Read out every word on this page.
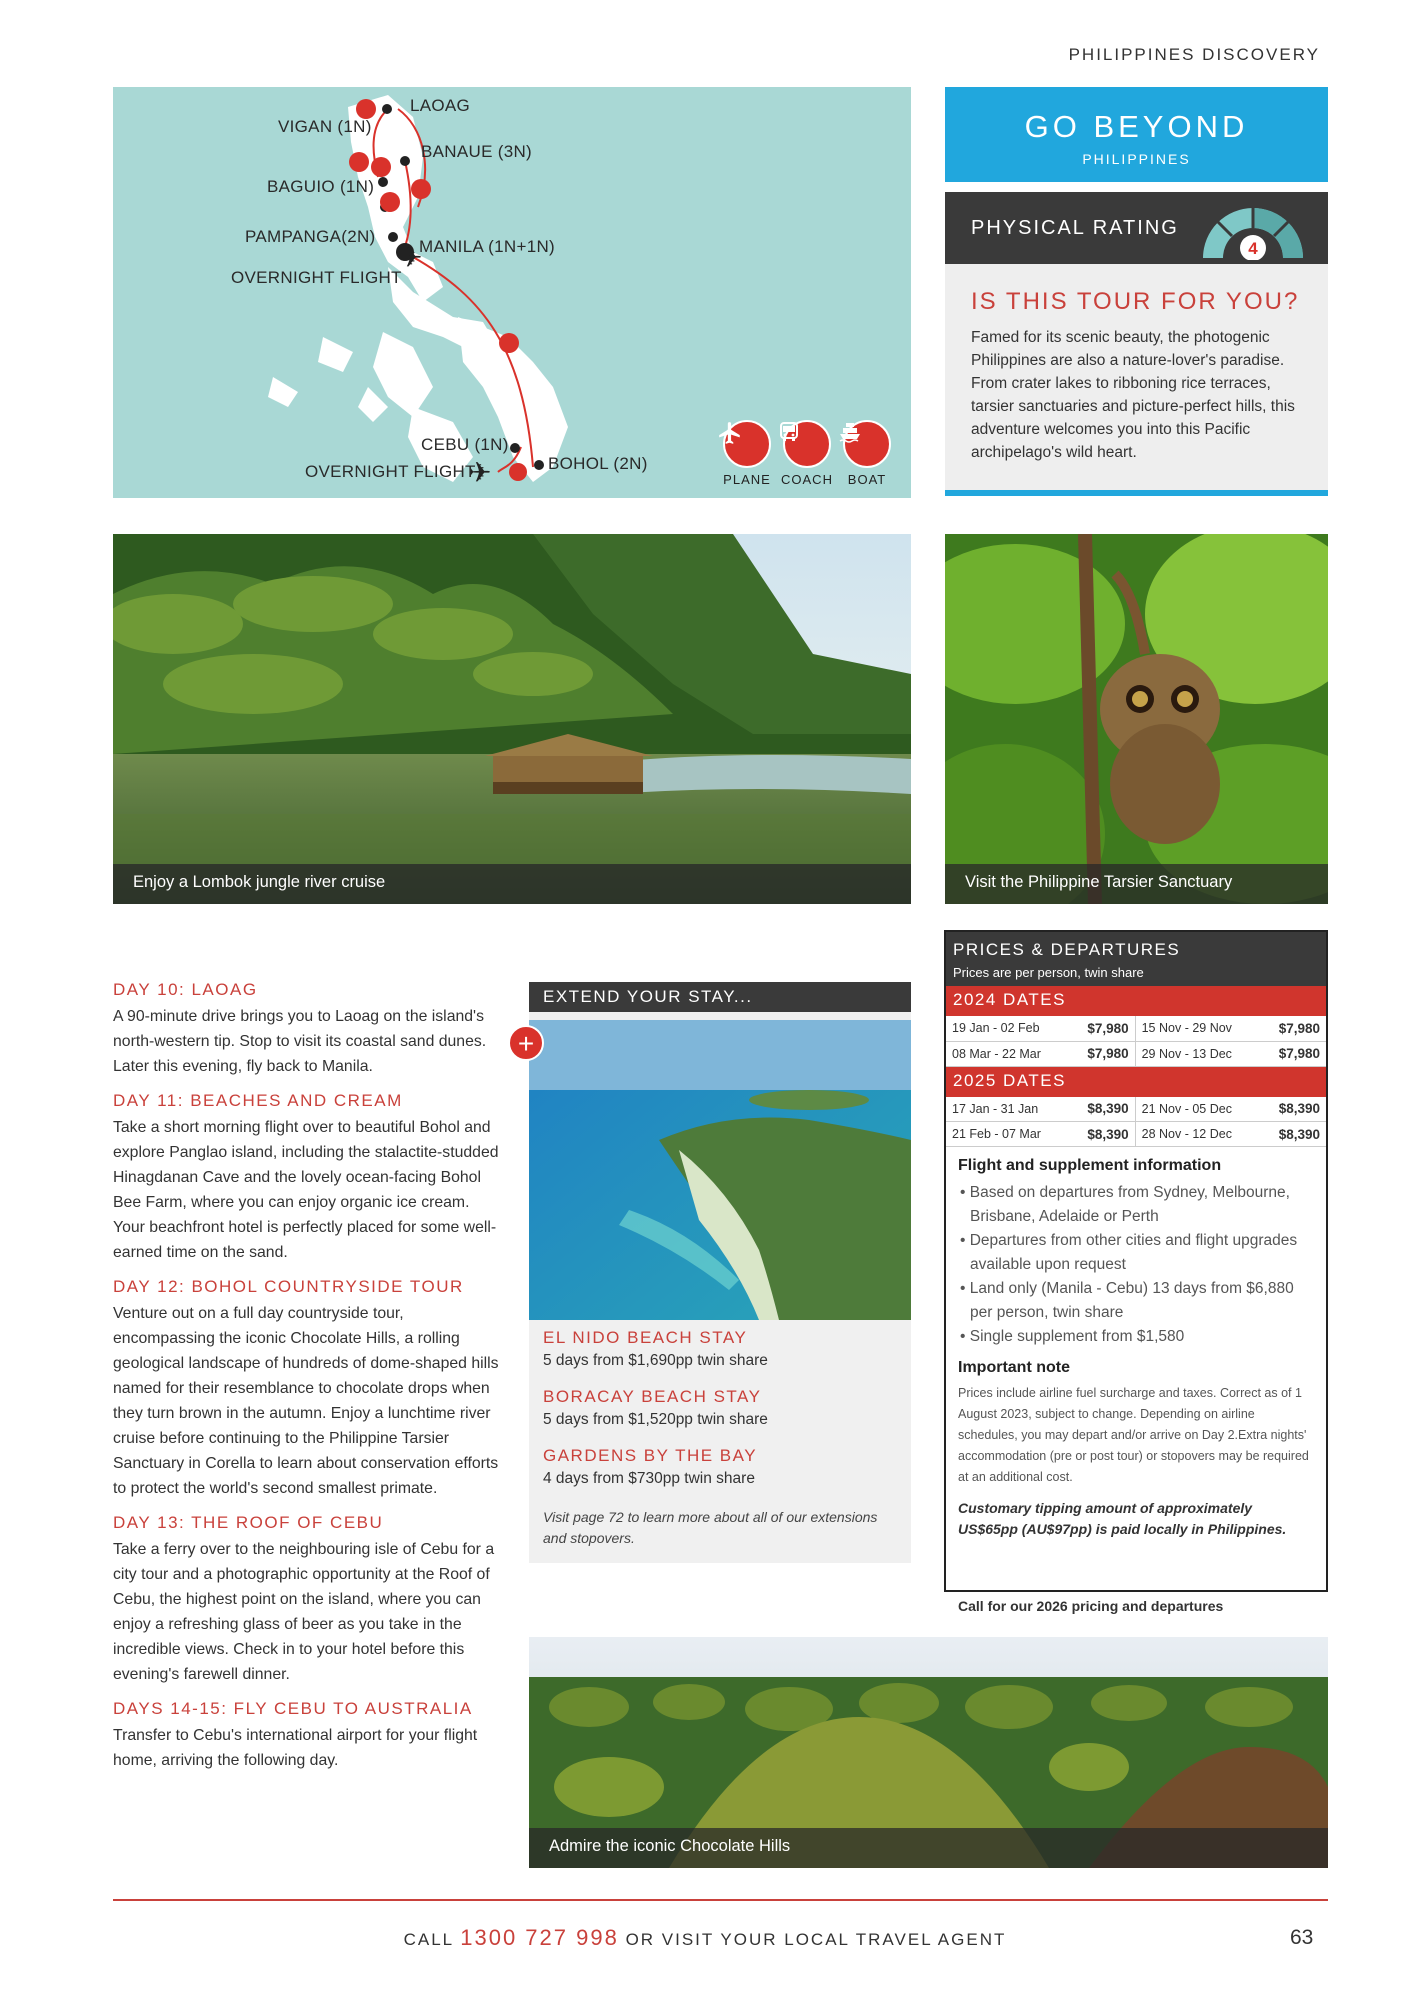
PHILIPPINES DISCOVERY
✈
✈
LAOAG
VIGAN (1N)
BANAUE (3N)
BAGUIO (1N)
PAMPANGA(2N)
MANILA (1N+1N)
OVERNIGHT FLIGHT
CEBU (1N)
OVERNIGHT FLIGHT	BOHOL (2N)
PLANE COACH	BOAT
GO BEYOND
PHILIPPINES
PHYSICAL RATING
4
IS THIS TOUR FOR YOU?
Famed for its scenic beauty, the photogenic Philippines are also a nature-lover's paradise. From crater lakes to ribboning rice terraces, tarsier sanctuaries and picture-perfect hills, this adventure welcomes you into this Pacific archipelago's wild heart.
Enjoy a Lombok jungle river cruise	Visit the Philippine Tarsier Sanctuary
DAY 10: LAOAG

A 90-minute drive brings you to Laoag on the island's north-western tip. Stop to visit its coastal sand dunes. Later this evening, fly back to Manila.

DAY 11: BEACHES AND CREAM

Take a short morning flight over to beautiful Bohol and explore Panglao island, including the stalactite-studded Hinagdanan Cave and the lovely ocean-facing Bohol Bee Farm, where you can enjoy organic ice cream. Your beachfront hotel is perfectly placed for some well-earned time on the sand.

DAY 12: BOHOL COUNTRYSIDE TOUR

Venture out on a full day countryside tour, encompassing the iconic Chocolate Hills, a rolling geological landscape of hundreds of dome-shaped hills named for their resemblance to chocolate drops when they turn brown in the autumn. Enjoy a lunchtime river cruise before continuing to the Philippine Tarsier Sanctuary in Corella to learn about conservation efforts to protect the world's second smallest primate.

DAY 13: THE ROOF OF CEBU

Take a ferry over to the neighbouring isle of Cebu for a city tour and a photographic opportunity at the Roof of Cebu, the highest point on the island, where you can enjoy a refreshing glass of beer as you take in the incredible views. Check in to your hotel before this evening's farewell dinner.

DAYS 14-15: FLY CEBU TO AUSTRALIA

Transfer to Cebu's international airport for your flight home, arriving the following day.

EXTEND YOUR STAY...
EL NIDO BEACH STAY

5 days from $1,690pp twin share

BORACAY BEACH STAY

5 days from $1,520pp twin share

GARDENS BY THE BAY

4 days from $730pp twin share

Visit page 72 to learn more about all of our extensions and stopovers.
+
PRICES & DEPARTURES
Prices are per person, twin share
2024 DATES
19 Jan - 02 Feb	$7,980	15 Nov - 29 Nov	$7,980
08 Mar - 22 Mar	$7,980	29 Nov - 13 Dec	$7,980
2025 DATES
17 Jan - 31 Jan	$8,390	21 Nov - 05 Dec	$8,390
21 Feb - 07 Mar	$8,390	28 Nov - 12 Dec	$8,390
Flight and supplement information
• Based on departures from Sydney, Melbourne, Brisbane, Adelaide or Perth
• Departures from other cities and flight upgrades available upon request
• Land only (Manila - Cebu) 13 days from $6,880 per person, twin share
• Single supplement from $1,580
Important note
Prices include airline fuel surcharge and taxes. Correct as of 1 August 2023, subject to change. Depending on airline schedules, you may depart and/or arrive on Day 2.Extra nights' accommodation (pre or post tour) or stopovers may be required at an additional cost.
Customary tipping amount of approximately US$65pp (AU$97pp) is paid locally in Philippines.
Call for our 2026 pricing and departures
Admire the iconic Chocolate Hills
CALL 1300 727 998 OR VISIT YOUR LOCAL TRAVEL AGENT	63
